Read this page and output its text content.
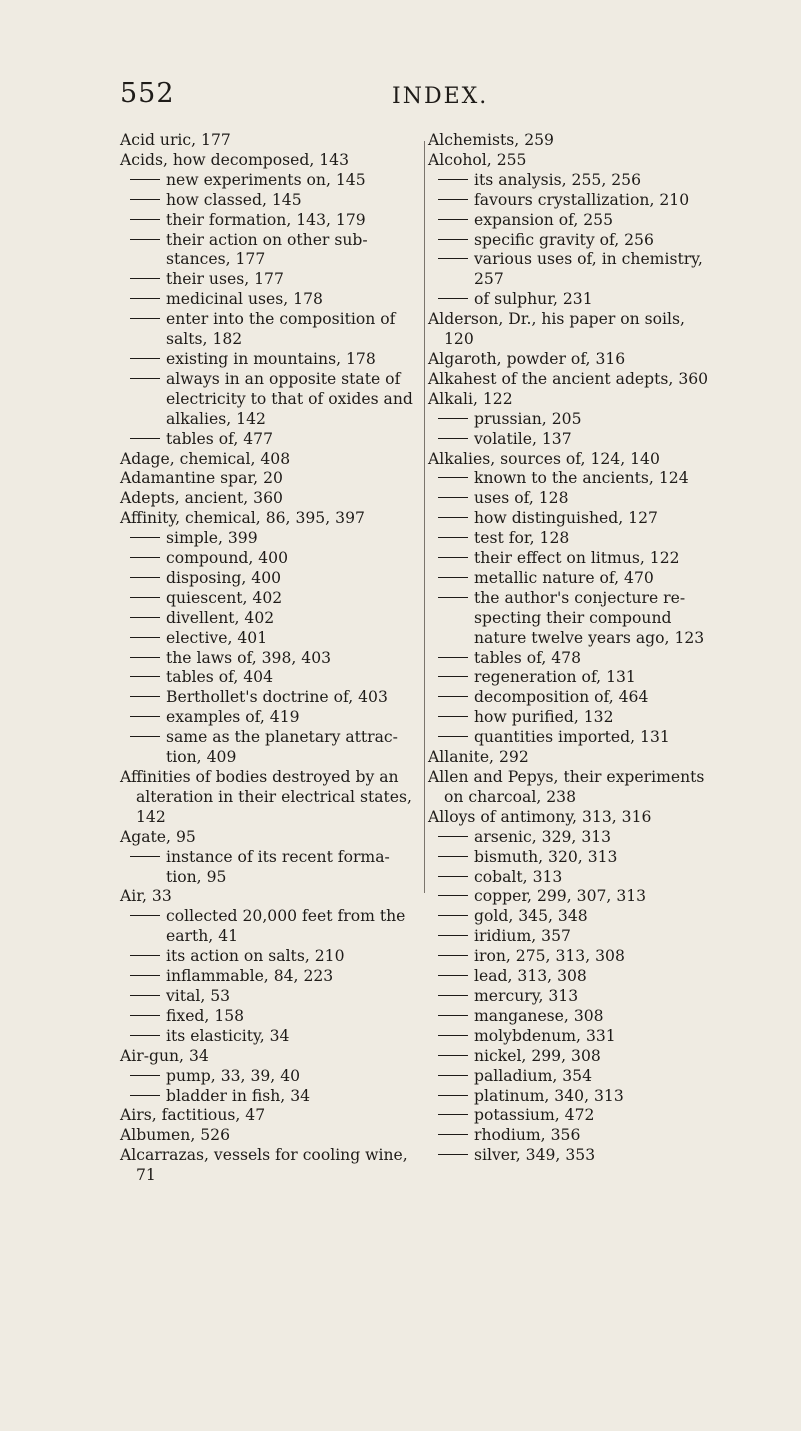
552	INDEX.

Acid uric, 177

Acids, how decomposed, 143

new experiments on, 145

how classed, 145

their formation, 143, 179

their action on other sub- stances, 177

their uses, 177

medicinal uses, 178

enter into the composition of salts, 182

existing in mountains, 178

always in an opposite state of electricity to that of oxides and alkalies, 142

tables of, 477

Adage, chemical, 408

Adamantine spar, 20

Adepts, ancient, 360

Affinity, chemical, 86, 395, 397

simple, 399

compound, 400

disposing, 400

quiescent, 402

divellent, 402

elective, 401

the laws of, 398, 403

tables of, 404

Berthollet's doctrine of, 403

examples of, 419

same as the planetary attrac- tion, 409

Affinities of bodies destroyed by an alteration in their electrical states, 142

Agate, 95

instance of its recent forma- tion, 95

Air, 33

collected 20,000 feet from the earth, 41

its action on salts, 210

inflammable, 84, 223

vital, 53

fixed, 158

its elasticity, 34

Air-gun, 34

pump, 33, 39, 40

bladder in fish, 34

Airs, factitious, 47

Albumen, 526

Alcarrazas, vessels for cooling wine, 71

Alchemists, 259

Alcohol, 255

its analysis, 255, 256

favours crystallization, 210

expansion of, 255

specific gravity of, 256

various uses of, in chemistry, 257

of sulphur, 231

Alderson, Dr., his paper on soils, 120

Algaroth, powder of, 316

Alkahest of the ancient adepts, 360

Alkali, 122

prussian, 205

volatile, 137

Alkalies, sources of, 124, 140

known to the ancients, 124

uses of, 128

how distinguished, 127

test for, 128

their effect on litmus, 122

metallic nature of, 470

the author's conjecture re- specting their compound nature twelve years ago, 123

tables of, 478

regeneration of, 131

decomposition of, 464

how purified, 132

quantities imported, 131

Allanite, 292

Allen and Pepys, their experiments on charcoal, 238

Alloys of antimony, 313, 316

arsenic, 329, 313

bismuth, 320, 313

cobalt, 313

copper, 299, 307, 313

gold, 345, 348

iridium, 357

iron, 275, 313, 308

lead, 313, 308

mercury, 313

manganese, 308

molybdenum, 331

nickel, 299, 308

palladium, 354

platinum, 340, 313

potassium, 472

rhodium, 356

silver, 349, 353
